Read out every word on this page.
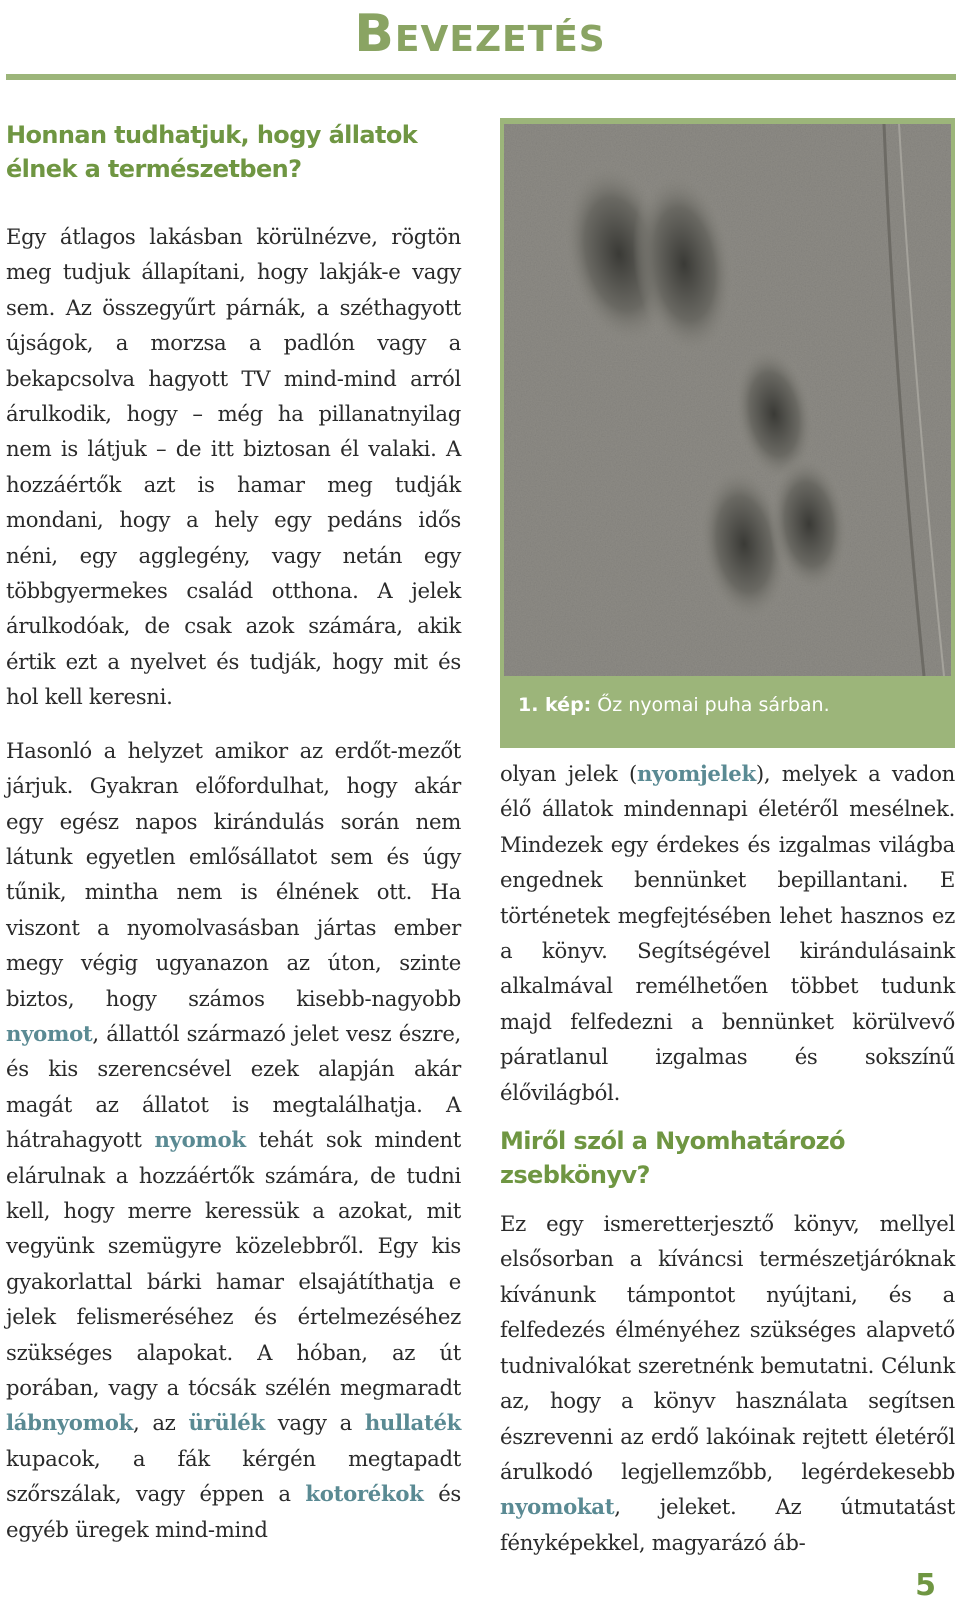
Bevezetés
Honnan tudhatjuk, hogy állatok élnek a természetben?

Egy átlagos lakásban körülnézve, rögtön meg tudjuk állapítani, hogy lakják-e vagy sem. Az összegyűrt párnák, a széthagyott újságok, a morzsa a padlón vagy a bekapcsolva hagyott TV mind-mind arról árulkodik, hogy – még ha pillanatnyilag nem is látjuk – de itt biztosan él valaki. A hozzáértők azt is hamar meg tudják mondani, hogy a hely egy pedáns idős néni, egy agglegény, vagy netán egy többgyermekes család otthona. A jelek árulkodóak, de csak azok számára, akik értik ezt a nyelvet és tudják, hogy mit és hol kell keresni.

Hasonló a helyzet amikor az erdőt-mezőt járjuk. Gyakran előfordulhat, hogy akár egy egész napos kirándulás során nem látunk egyetlen emlősállatot sem és úgy tűnik, mintha nem is élnének ott. Ha viszont a nyomolvasásban jártas ember megy végig ugyanazon az úton, szinte biztos, hogy számos kisebb-nagyobb nyomot, állattól származó jelet vesz észre, és kis szerencsével ezek alapján akár magát az állatot is megtalálhatja. A hátrahagyott nyomok tehát sok mindent elárulnak a hozzáértők számára, de tudni kell, hogy merre keressük a azokat, mit vegyünk szemügyre közelebbről. Egy kis gyakorlattal bárki hamar elsajátíthatja e jelek felismeréséhez és értelmezéséhez szükséges alapokat. A hóban, az út porában, vagy a tócsák szélén megmaradt lábnyomok, az ürülék vagy a hullaték kupacok, a fák kérgén megtapadt szőrszálak, vagy éppen a kotorékok és egyéb üregek mind-mind

1. kép: Őz nyomai puha sárban.

olyan jelek (nyomjelek), melyek a vadon élő állatok mindennapi életéről mesélnek. Mindezek egy érdekes és izgalmas világba engednek bennünket bepillantani. E történetek megfejtésében lehet hasznos ez a könyv. Segítségével kirándulásaink alkalmával remélhetően többet tudunk majd felfedezni a bennünket körülvevő páratlanul izgalmas és sokszínű élővilágból.

Miről szól a Nyomhatározó zsebkönyv?

Ez egy ismeretterjesztő könyv, mellyel elsősorban a kíváncsi természetjáróknak kívánunk támpontot nyújtani, és a felfedezés élményéhez szükséges alapvető tudnivalókat szeretnénk bemutatni. Célunk az, hogy a könyv használata segítsen észrevenni az erdő lakóinak rejtett életéről árulkodó legjellemzőbb, legérdekesebb nyomokat, jeleket. Az útmutatást fényképekkel, magyarázó áb-

5
